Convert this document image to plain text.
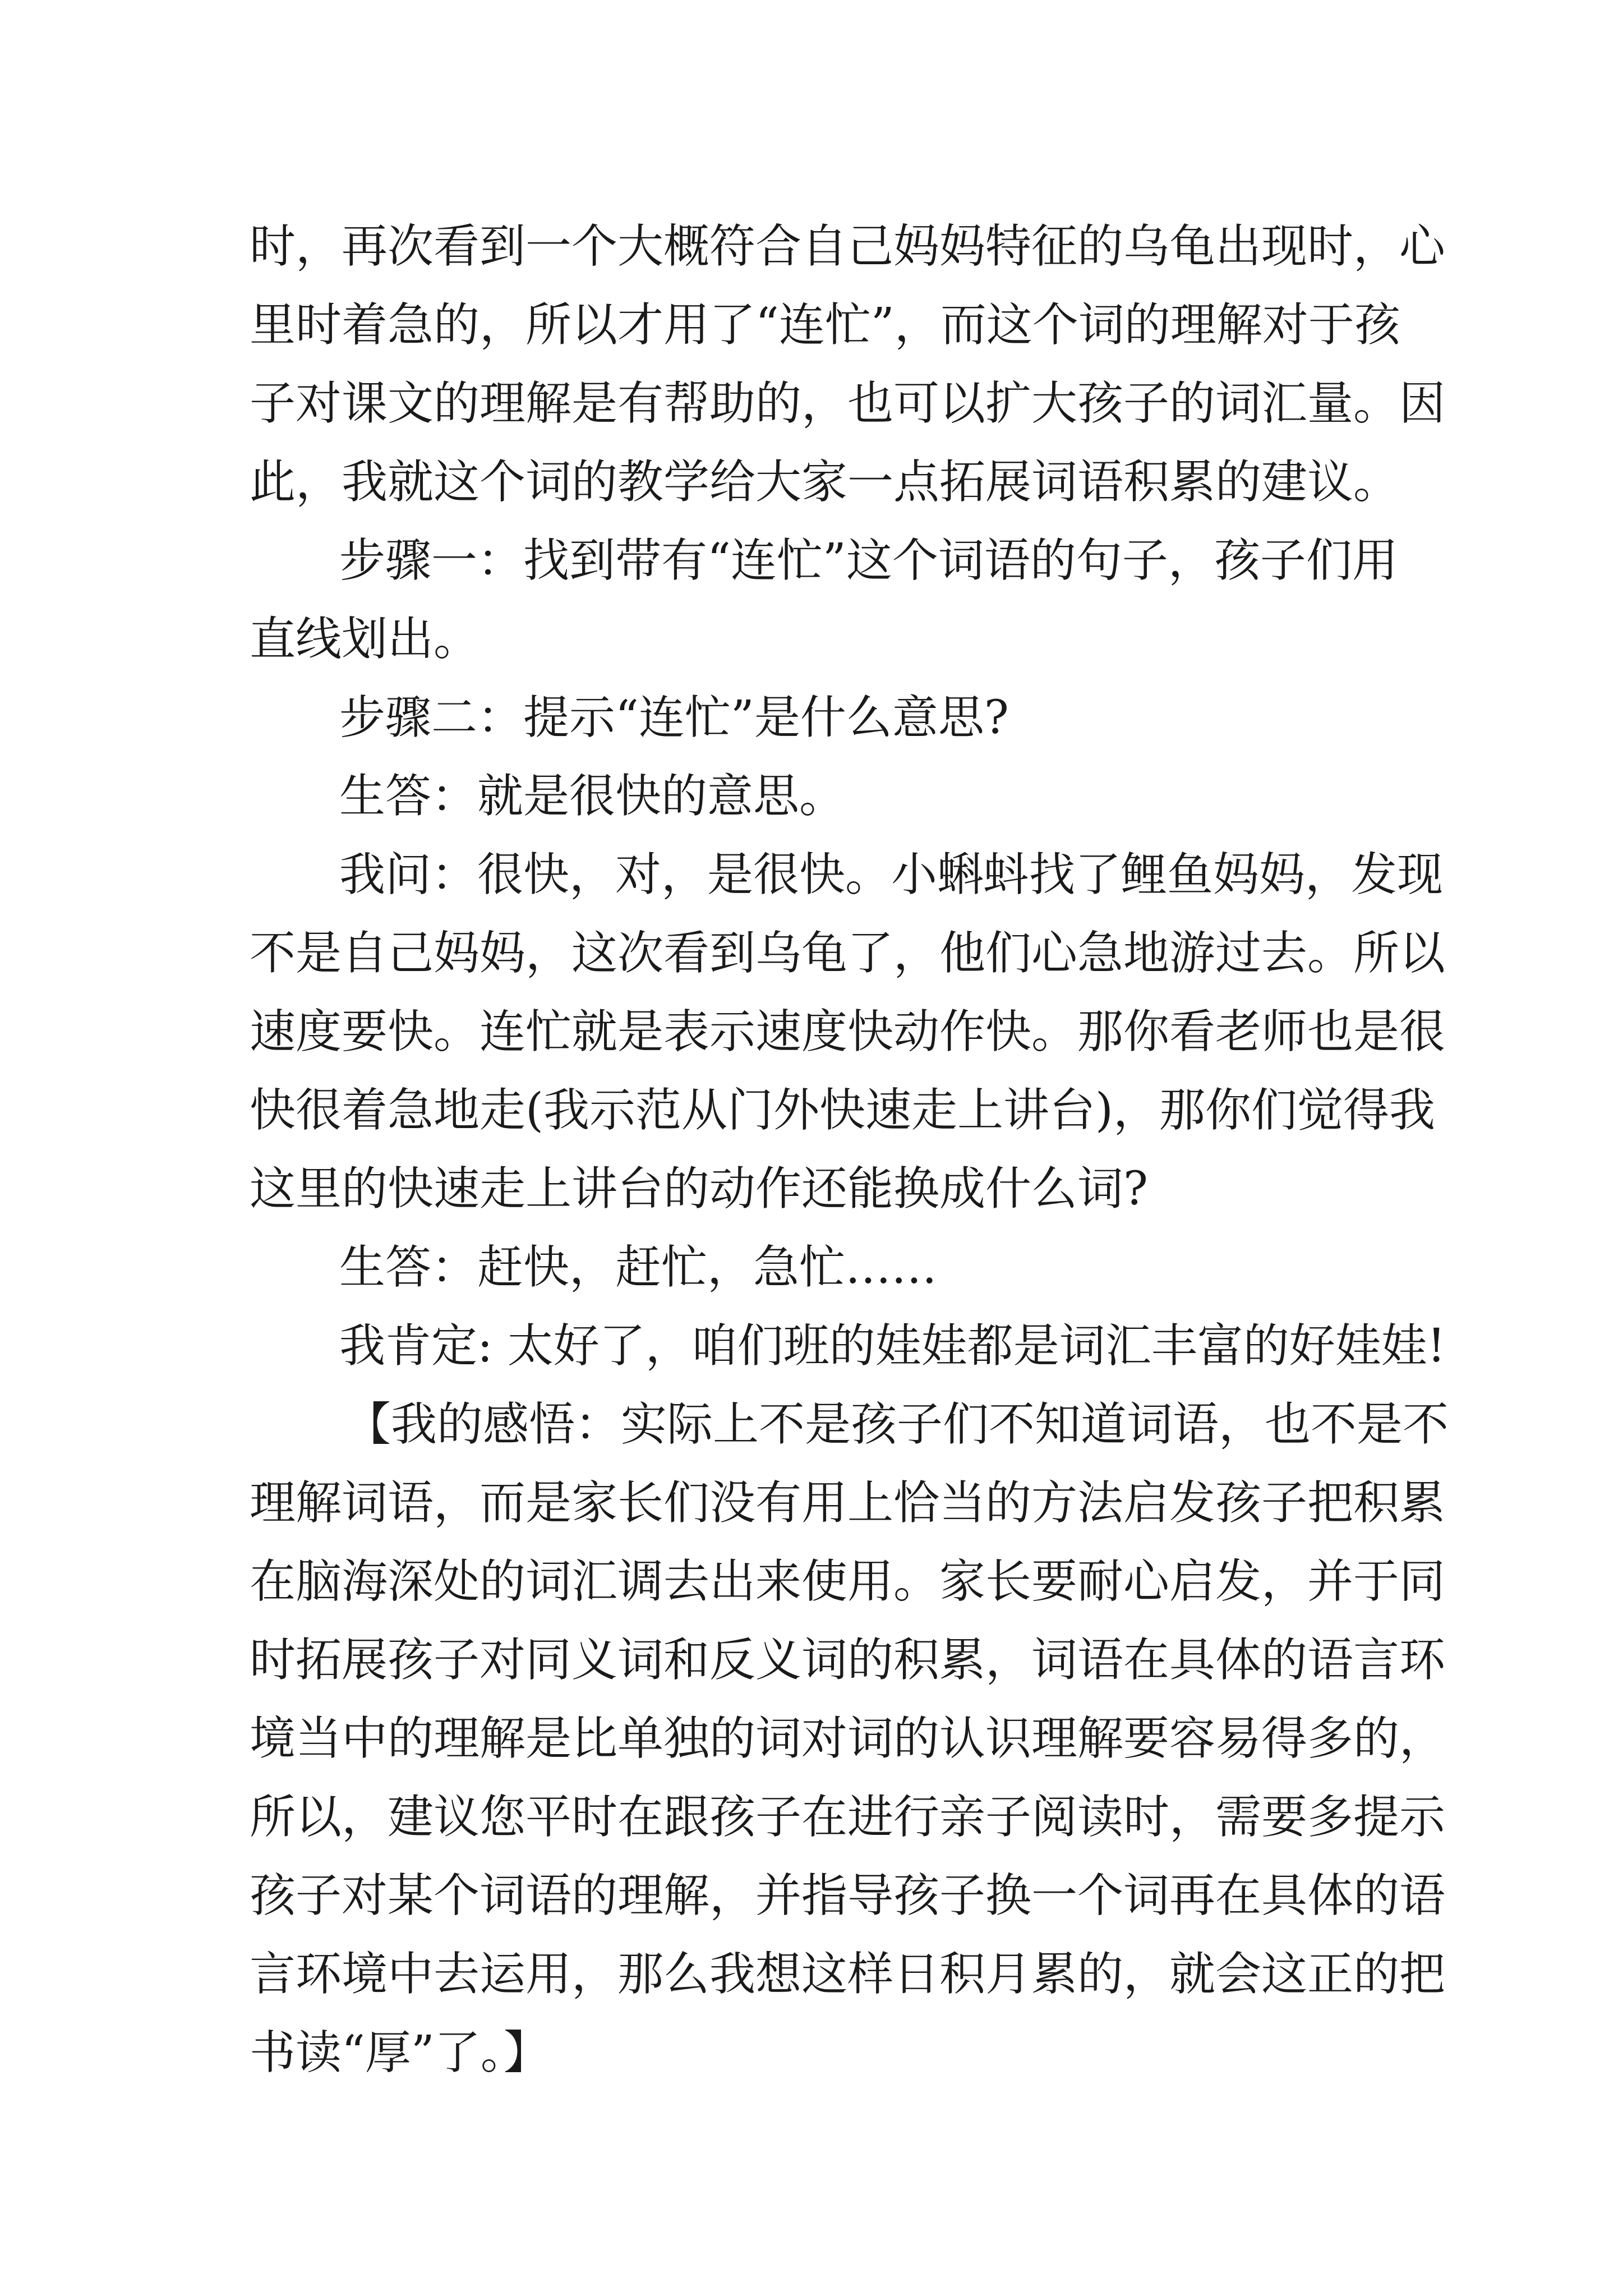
时，再次看到一个大概符合自己妈妈特征的乌龟出现时，心
里时着急的，所以才用了“连忙”，而这个词的理解对于孩
子对课文的理解是有帮助的，也可以扩大孩子的词汇量。因
此，我就这个词的教学给大家一点拓展词语积累的建议。
步骤一：找到带有“连忙”这个词语的句子，孩子们用
直线划出。
步骤二：提示“连忙”是什么意思?
生答：就是很快的意思。
我问：很快，对，是很快。小蝌蚪找了鲤鱼妈妈，发现
不是自己妈妈，这次看到乌龟了，他们心急地游过去。所以
速度要快。连忙就是表示速度快动作快。那你看老师也是很
快很着急地走(我示范从门外快速走上讲台)，那你们觉得我
这里的快速走上讲台的动作还能换成什么词?
生答：赶快，赶忙，急忙……
我肯定: 太好了，咱们班的娃娃都是词汇丰富的好娃娃!
【我的感悟：实际上不是孩子们不知道词语，也不是不
理解词语，而是家长们没有用上恰当的方法启发孩子把积累
在脑海深处的词汇调去出来使用。家长要耐心启发，并于同
时拓展孩子对同义词和反义词的积累，词语在具体的语言环
境当中的理解是比单独的词对词的认识理解要容易得多的，
所以，建议您平时在跟孩子在进行亲子阅读时，需要多提示
孩子对某个词语的理解，并指导孩子换一个词再在具体的语
言环境中去运用，那么我想这样日积月累的，就会这正的把
书读“厚”了。】
